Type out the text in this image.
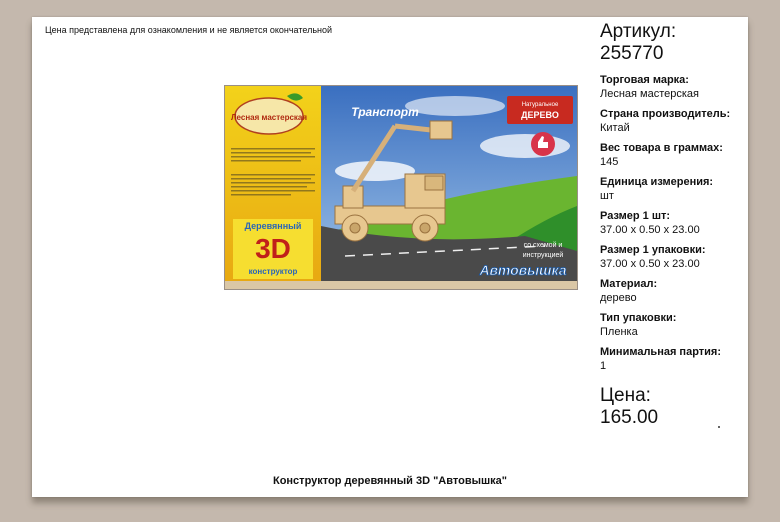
Цена представлена для ознакомления и не является окончательной
Лесная мастерская
Деревянный
3D
конструктор
Натуральное
ДЕРЕВО
Транспорт
со схемой и
инструкцией
Автовышка
Артикул:
255770
Торговая марка:
Лесная мастерская
Страна производитель:
Китай
Вес товара в граммах:
145
Единица измерения:
шт
Размер 1 шт:
37.00 x 0.50 x 23.00
Размер 1 упаковки:
37.00 x 0.50 x 23.00
Материал:
дерево
Тип упаковки:
Пленка
Минимальная партия:
1
Цена:
165.00
Конструктор деревянный 3D "Автовышка"
